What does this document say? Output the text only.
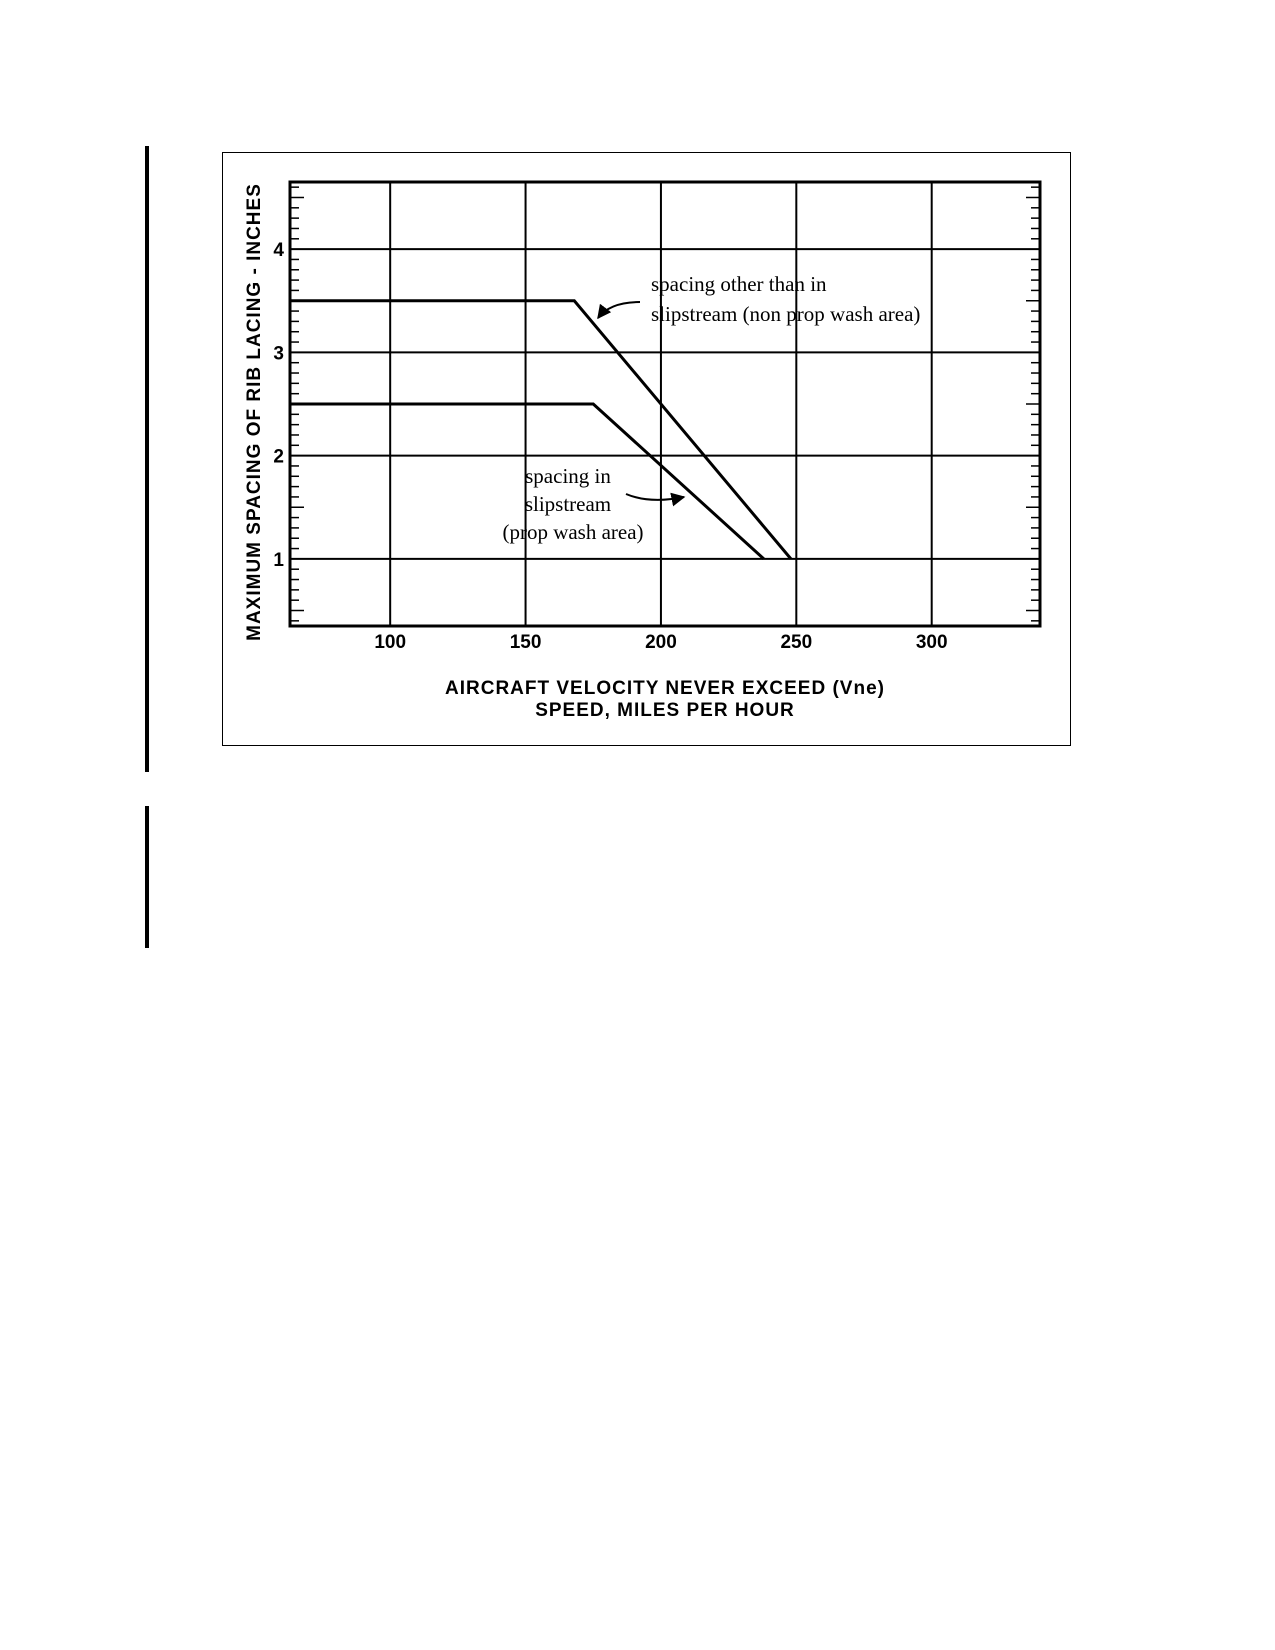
100	150	200	250	300
1
2
3
4
AIRCRAFT VELOCITY NEVER EXCEED (Vne)
SPEED, MILES PER HOUR
MAXIMUM SPACING OF RIB LACING - INCHES	spacing other than in
slipstream (non prop wash area)
spacing in
slipstream
(prop wash area)
